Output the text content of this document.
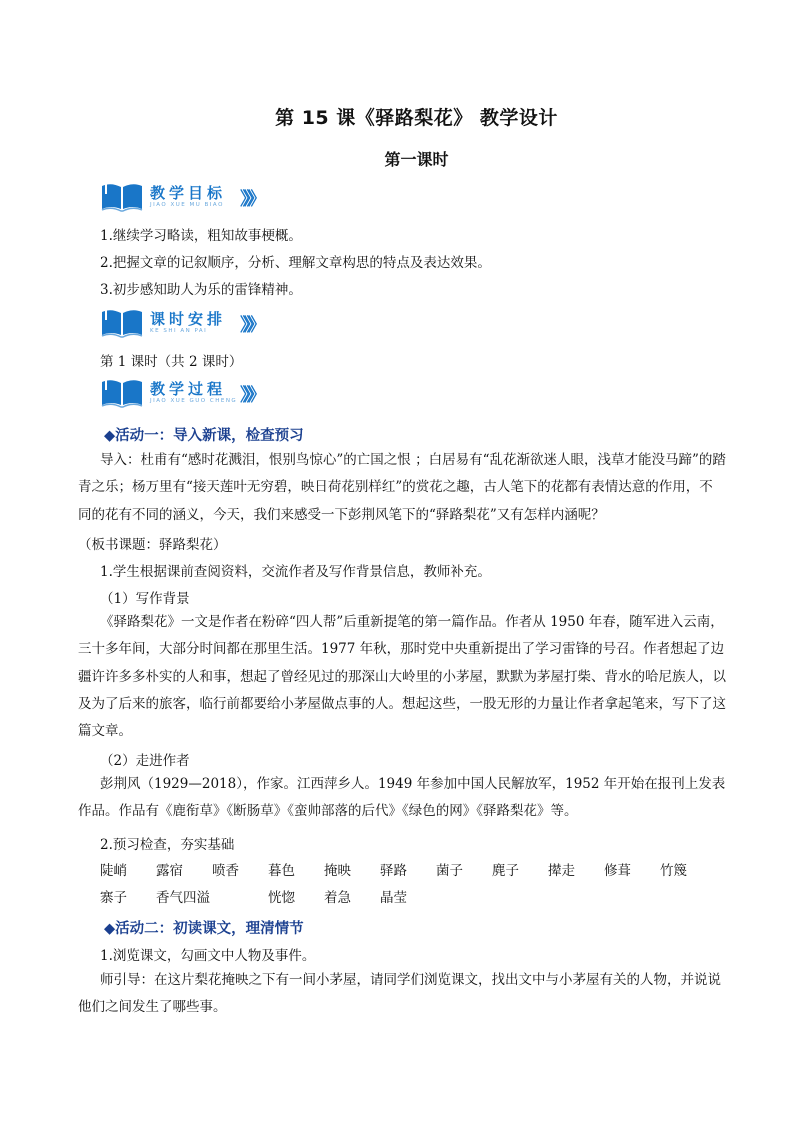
第 15 课《驿路梨花》 教学设计
第一课时
教学目标
JIAO XUE MU BIAO 》》》
1.继续学习略读，粗知故事梗概。
2.把握文章的记叙顺序，分析、理解文章构思的特点及表达效果。
3.初步感知助人为乐的雷锋精神。
课时安排
KE SHI AN PAI 》》》
第 1 课时（共 2 课时）
教学过程
JIAO XUE GUO CHENG 》》》
◆活动一：导入新课，检查预习

导入：杜甫有“感时花溅泪，恨别鸟惊心”的亡国之恨 ；白居易有“乱花渐欲迷人眼，浅草才能没马蹄”的踏青之乐；杨万里有“接天莲叶无穷碧，映日荷花别样红”的赏花之趣，古人笔下的花都有表情达意的作用，不同的花有不同的涵义，今天，我们来感受一下彭荆风笔下的“驿路梨花”又有怎样内涵呢？

（板书课题：驿路梨花）
1.学生根据课前查阅资料，交流作者及写作背景信息，教师补充。
（1）写作背景

《驿路梨花》一文是作者在粉碎“四人帮”后重新提笔的第一篇作品。作者从 1950 年春，随军进入云南，三十多年间，大部分时间都在那里生活。1977 年秋，那时党中央重新提出了学习雷锋的号召。作者想起了边疆许许多多朴实的人和事，想起了曾经见过的那深山大岭里的小茅屋，默默为茅屋打柴、背水的哈尼族人，以及为了后来的旅客，临行前都要给小茅屋做点事的人。想起这些，一股无形的力量让作者拿起笔来，写下了这篇文章。

（2）走进作者

彭荆风（1929—2018），作家。江西萍乡人。1949 年参加中国人民解放军，1952 年开始在报刊上发表作品。作品有《鹿衔草》《断肠草》《蛮帅部落的后代》《绿色的网》《驿路梨花》等。

2.预习检查，夯实基础
陡峭 露宿 喷香 暮色 掩映 驿路 菌子 麂子 撵走 修葺 竹篾
寨子 香气四溢	恍惚 着急 晶莹
◆活动二：初读课文，理清情节
1.浏览课文，勾画文中人物及事件。

师引导：在这片梨花掩映之下有一间小茅屋，请同学们浏览课文，找出文中与小茅屋有关的人物，并说说他们之间发生了哪些事。
